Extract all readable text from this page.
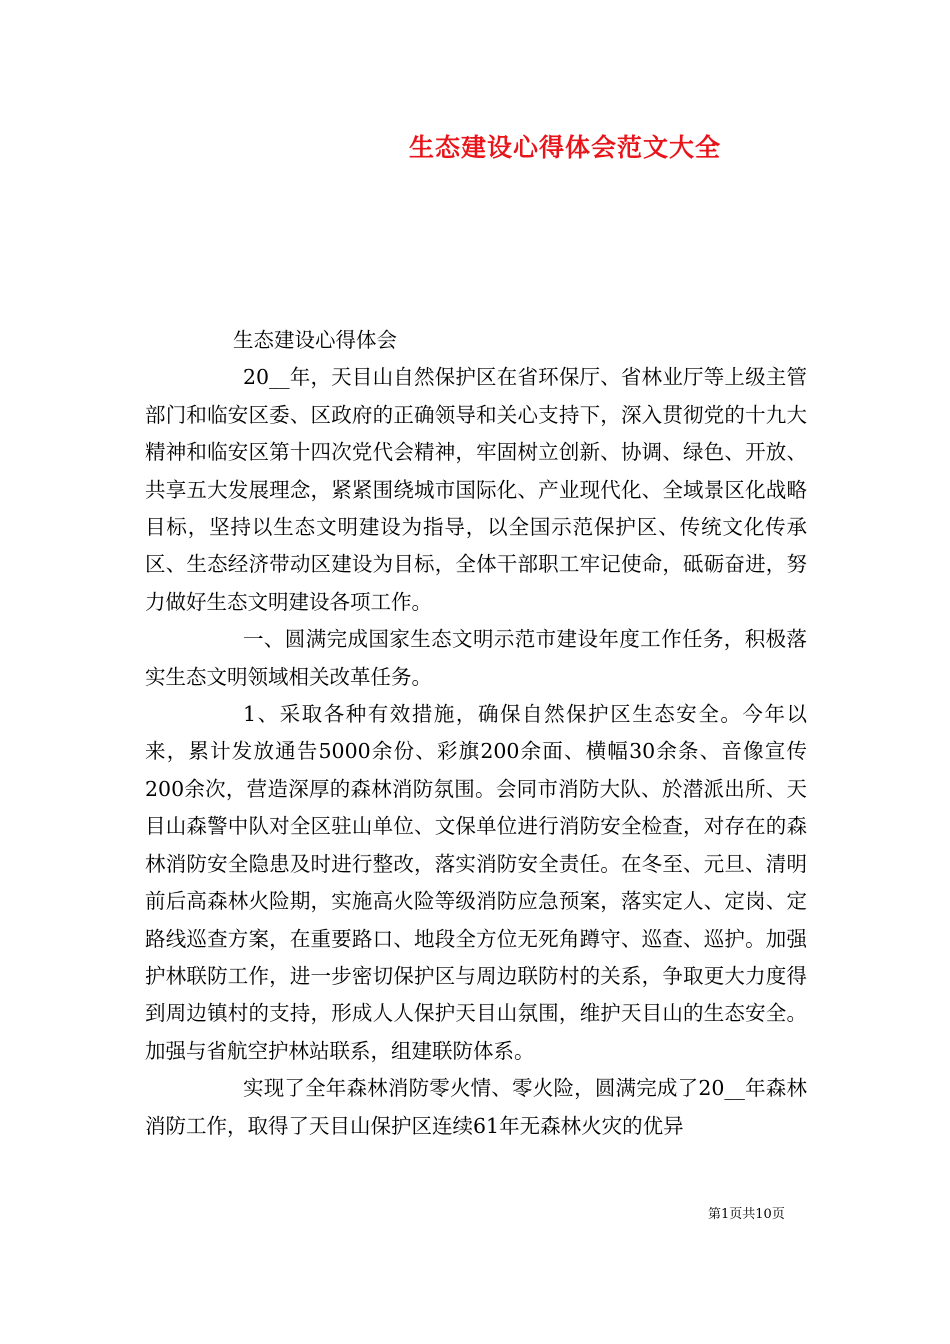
生态建设心得体会范文大全

生态建设心得体会

20__年，天目山自然保护区在省环保厅、省林业厅等上级主管部门和临安区委、区政府的正确领导和关心支持下，深入贯彻党的十九大精神和临安区第十四次党代会精神，牢固树立创新、协调、绿色、开放、共享五大发展理念，紧紧围绕城市国际化、产业现代化、全域景区化战略目标，坚持以生态文明建设为指导，以全国示范保护区、传统文化传承区、生态经济带动区建设为目标，全体干部职工牢记使命，砥砺奋进，努力做好生态文明建设各项工作。

一、圆满完成国家生态文明示范市建设年度工作任务，积极落实生态文明领域相关改革任务。

1、采取各种有效措施，确保自然保护区生态安全。今年以来，累计发放通告5000余份、彩旗200余面、横幅30余条、音像宣传200余次，营造深厚的森林消防氛围。会同市消防大队、於潜派出所、天目山森警中队对全区驻山单位、文保单位进行消防安全检查，对存在的森林消防安全隐患及时进行整改，落实消防安全责任。在冬至、元旦、清明前后高森林火险期，实施高火险等级消防应急预案，落实定人、定岗、定路线巡查方案，在重要路口、地段全方位无死角蹲守、巡查、巡护。加强护林联防工作，进一步密切保护区与周边联防村的关系，争取更大力度得到周边镇村的支持，形成人人保护天目山氛围，维护天目山的生态安全。加强与省航空护林站联系，组建联防体系。

实现了全年森林消防零火情、零火险，圆满完成了20__年森林消防工作，取得了天目山保护区连续61年无森林火灾的优异

第1页共10页
